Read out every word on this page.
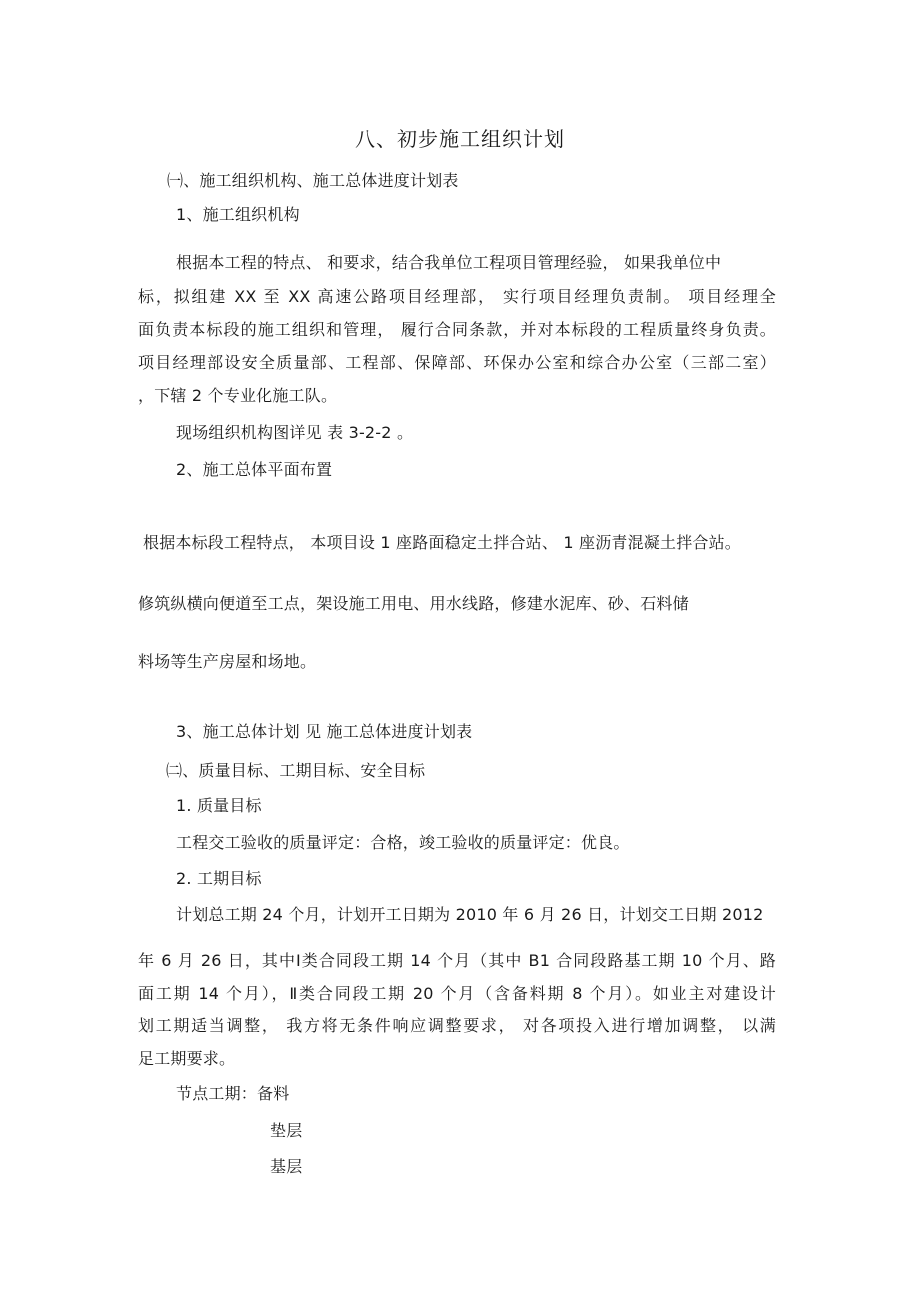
八、初步施工组织计划
㈠、施工组织机构、施工总体进度计划表
1、施工组织机构
根据本工程的特点、 和要求，结合我单位工程项目管理经验， 如果我单位中
标，拟组建 XX 至 XX 高速公路项目经理部， 实行项目经理负责制。 项目经理全
面负责本标段的施工组织和管理， 履行合同条款，并对本标段的工程质量终身负责。
项目经理部设安全质量部、工程部、保障部、环保办公室和综合办公室（三部二室）
，下辖 2 个专业化施工队。
现场组织机构图详见 表 3-2-2 。
2、施工总体平面布置
根据本标段工程特点， 本项目设 1 座路面稳定土拌合站、 1 座沥青混凝土拌合站。
修筑纵横向便道至工点，架设施工用电、用水线路，修建水泥库、砂、石料储
料场等生产房屋和场地。
3、施工总体计划 见 施工总体进度计划表
㈡、质量目标、工期目标、安全目标
1. 质量目标
工程交工验收的质量评定：合格，竣工验收的质量评定：优良。
2. 工期目标
计划总工期 24 个月，计划开工日期为 2010 年 6 月 26 日，计划交工日期 2012
年 6 月 26 日，其中Ⅰ类合同段工期 14 个月（其中 B1 合同段路基工期 10 个月、路
面工期 14 个月），Ⅱ类合同段工期 20 个月（含备料期 8 个月）。如业主对建设计
划工期适当调整， 我方将无条件响应调整要求， 对各项投入进行增加调整， 以满
足工期要求。
节点工期：备料
垫层
基层
